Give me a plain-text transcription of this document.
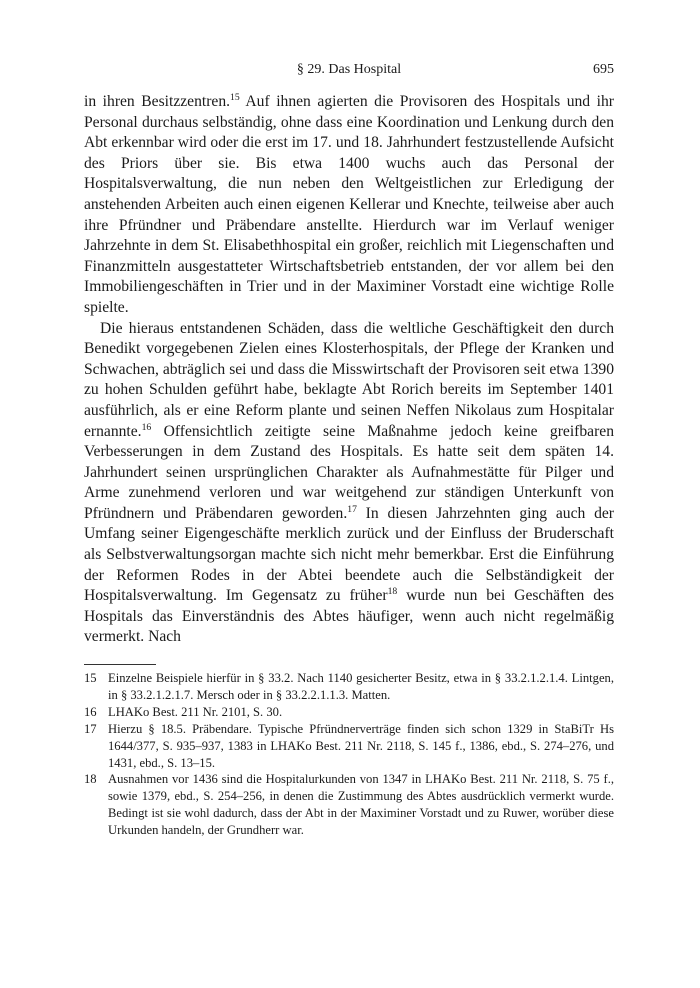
§ 29. Das Hospital	695

in ihren Besitzzentren.$^{15}$ Auf ihnen agierten die Provisoren des Hospitals und ihr Personal durchaus selbständig, ohne dass eine Koordination und Lenkung durch den Abt erkennbar wird oder die erst im 17. und 18. Jahrhundert festzustellende Aufsicht des Priors über sie. Bis etwa 1400 wuchs auch das Personal der Hospitalsverwaltung, die nun neben den Weltgeistlichen zur Erledigung der anstehenden Arbeiten auch einen eigenen Kellerar und Knechte, teilweise aber auch ihre Pfründner und Präbendare anstellte. Hierdurch war im Verlauf weniger Jahrzehnte in dem St. Elisabethhospital ein großer, reichlich mit Liegenschaften und Finanzmitteln ausgestatteter Wirtschaftsbetrieb entstanden, der vor allem bei den Immobiliengeschäften in Trier und in der Maximiner Vorstadt eine wichtige Rolle spielte.

Die hieraus entstandenen Schäden, dass die weltliche Geschäftigkeit den durch Benedikt vorgegebenen Zielen eines Klosterhospitals, der Pflege der Kranken und Schwachen, abträglich sei und dass die Misswirtschaft der Provisoren seit etwa 1390 zu hohen Schulden geführt habe, beklagte Abt Rorich bereits im September 1401 ausführlich, als er eine Reform plante und seinen Neffen Nikolaus zum Hospitalar ernannte.$^{16}$ Offensichtlich zeitigte seine Maßnahme jedoch keine greifbaren Verbesserungen in dem Zustand des Hospitals. Es hatte seit dem späten 14. Jahrhundert seinen ursprünglichen Charakter als Aufnahmestätte für Pilger und Arme zunehmend verloren und war weitgehend zur ständigen Unterkunft von Pfründnern und Präbendaren geworden.$^{17}$ In diesen Jahrzehnten ging auch der Umfang seiner Eigengeschäfte merklich zurück und der Einfluss der Bruderschaft als Selbstverwaltungsorgan machte sich nicht mehr bemerkbar. Erst die Einführung der Reformen Rodes in der Abtei beendete auch die Selbständigkeit der Hospitalsverwaltung. Im Gegensatz zu früher$^{18}$ wurde nun bei Geschäften des Hospitals das Einverständnis des Abtes häufiger, wenn auch nicht regelmäßig vermerkt. Nach

15 Einzelne Beispiele hierfür in § 33.2. Nach 1140 gesicherter Besitz, etwa in § 33.2.1.2.1.4. Lintgen, in § 33.2.1.2.1.7. Mersch oder in § 33.2.2.1.1.3. Matten.

16 LHAKo Best. 211 Nr. 2101, S. 30.

17 Hierzu § 18.5. Präbendare. Typische Pfründnerverträge finden sich schon 1329 in StaBiTr Hs 1644/377, S. 935–937, 1383 in LHAKo Best. 211 Nr. 2118, S. 145 f., 1386, ebd., S. 274–276, und 1431, ebd., S. 13–15.

18 Ausnahmen vor 1436 sind die Hospitalurkunden von 1347 in LHAKo Best. 211 Nr. 2118, S. 75 f., sowie 1379, ebd., S. 254–256, in denen die Zustimmung des Abtes ausdrücklich vermerkt wurde. Bedingt ist sie wohl dadurch, dass der Abt in der Maximiner Vorstadt und zu Ruwer, worüber diese Urkunden handeln, der Grundherr war.
